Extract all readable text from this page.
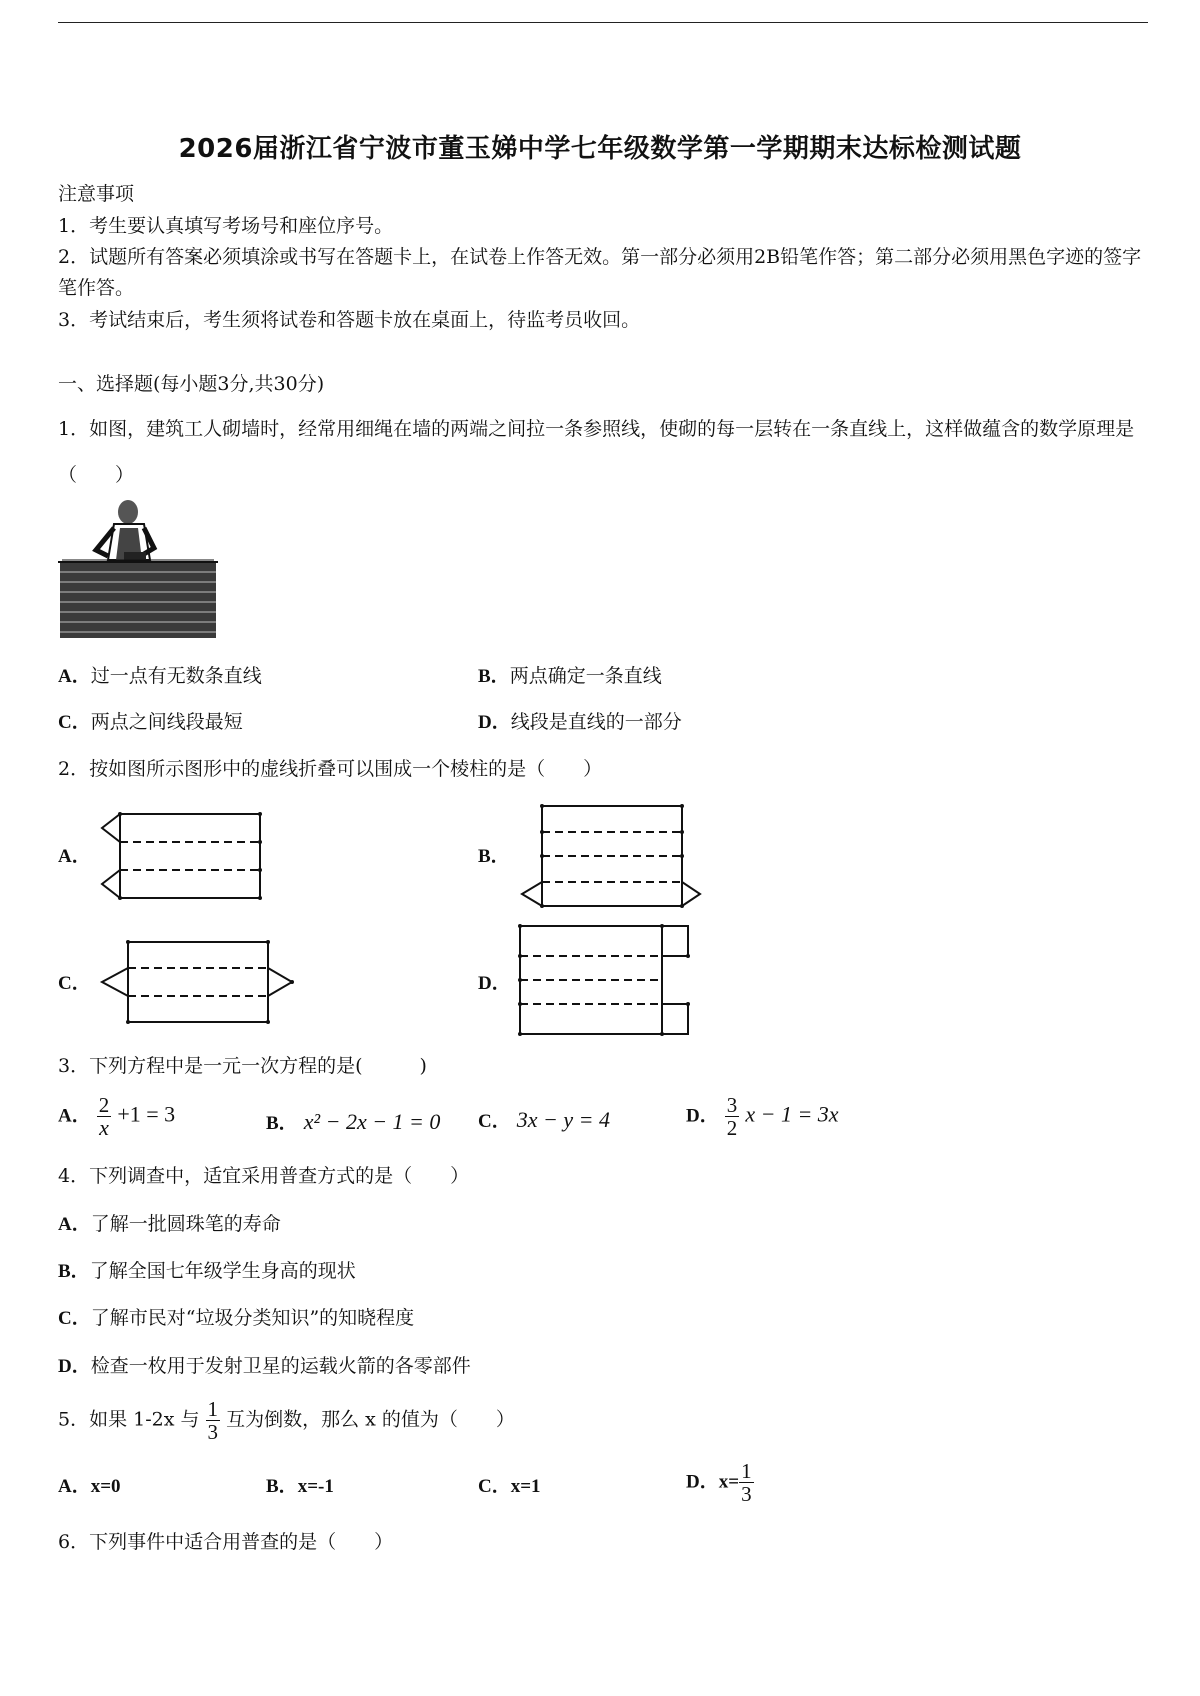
2026届浙江省宁波市董玉娣中学七年级数学第一学期期末达标检测试题
注意事项
1．考生要认真填写考场号和座位序号。
2．试题所有答案必须填涂或书写在答题卡上，在试卷上作答无效。第一部分必须用2B铅笔作答；第二部分必须用黑色字迹的签字笔作答。
3．考试结束后，考生须将试卷和答题卡放在桌面上，待监考员收回。
一、选择题(每小题3分,共30分)
1．如图，建筑工人砌墙时，经常用细绳在墙的两端之间拉一条参照线，使砌的每一层转在一条直线上，这样做蕴含的数学原理是（　　）
A．过一点有无数条直线	B．两点确定一条直线
C．两点之间线段最短	D．线段是直线的一部分
2．按如图所示图形中的虚线折叠可以围成一个棱柱的是（　　）
A．	B．
C．	D．
3．下列方程中是一元一次方程的是(　　　)
A． $\frac{2}{x} +1 = 3$	B． x² − 2x − 1 = 0 C． 3x − y = 4	D． $\frac{3}{2}$ x − 1 = 3x
4．下列调查中，适宜采用普查方式的是（　　）
A．了解一批圆珠笔的寿命
B．了解全国七年级学生身高的现状
C．了解市民对“垃圾分类知识”的知晓程度
D．检查一枚用于发射卫星的运载火箭的各零部件
5．如果 1-2x 与 $\frac{1}{3}$ 互为倒数，那么 x 的值为（　　）
A．x=0	B．x=-1	C．x=1	D．$x= \frac{1}{3}$
6．下列事件中适合用普查的是（　　）
